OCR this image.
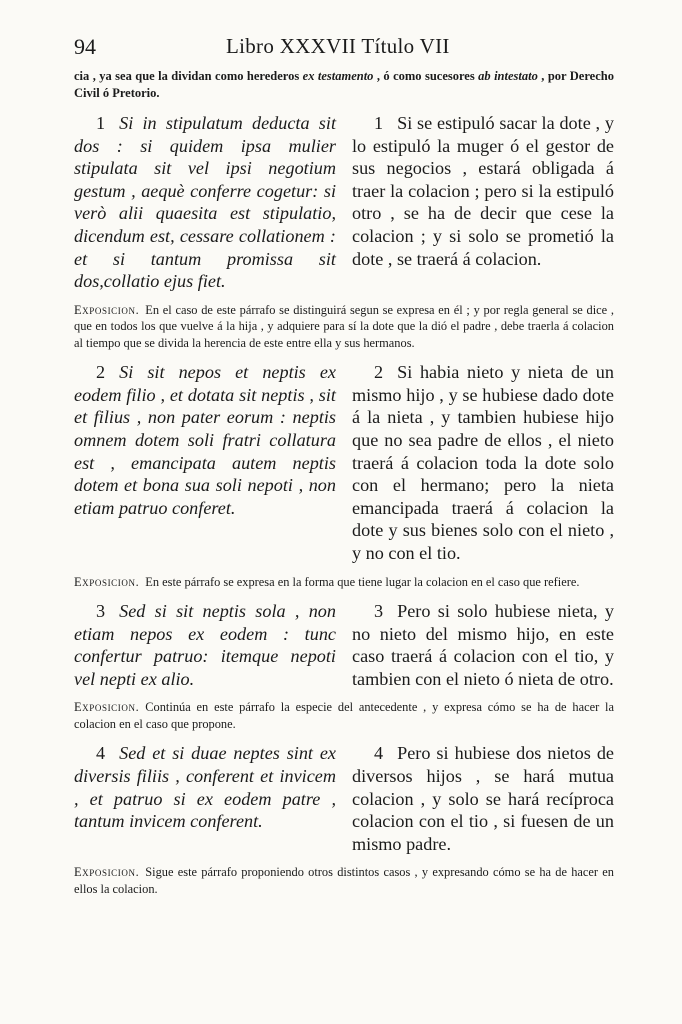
94	Libro XXXVII Título VII
cia , ya sea que la dividan como herederos ex testamento , ó como sucesores ab intestato , por Derecho Civil ó Pretorio.

1 Si in stipulatum deducta sit dos : si quidem ipsa mulier stipulata sit vel ipsi negotium gestum , aequè conferre cogetur: si verò alii quaesita est stipulatio, dicendum est, cessare collationem : et si tantum promissa sit dos,collatio ejus fiet.

1 Si se estipuló sacar la dote , y lo estipuló la muger ó el gestor de sus negocios , estará obligada á traer la colacion ; pero si la estipuló otro , se ha de decir que cese la colacion ; y si solo se prometió la dote , se traerá á colacion.

Exposicion. En el caso de este párrafo se distinguirá segun se expresa en él ; y por regla general se dice , que en todos los que vuelve á la hija , y adquiere para sí la dote que la dió el padre , debe traerla á colacion al tiempo que se divida la herencia de este entre ella y sus hermanos.

2 Si sit nepos et neptis ex eodem filio , et dotata sit neptis , sit et filius , non pater eorum : neptis omnem dotem soli fratri collatura est , emancipata autem neptis dotem et bona sua soli nepoti , non etiam patruo conferet.

2 Si habia nieto y nieta de un mismo hijo , y se hubiese dado dote á la nieta , y tambien hubiese hijo que no sea padre de ellos , el nieto traerá á colacion toda la dote solo con el hermano; pero la nieta emancipada traerá á colacion la dote y sus bienes solo con el nieto , y no con el tio.

Exposicion. En este párrafo se expresa en la forma que tiene lugar la colacion en el caso que refiere.

3 Sed si sit neptis sola , non etiam nepos ex eodem : tunc confertur patruo: itemque nepoti vel nepti ex alio.

3 Pero si solo hubiese nieta, y no nieto del mismo hijo, en este caso traerá á colacion con el tio, y tambien con el nieto ó nieta de otro.

Exposicion. Continúa en este párrafo la especie del antecedente , y expresa cómo se ha de hacer la colacion en el caso que propone.

4 Sed et si duae neptes sint ex diversis filiis , conferent et invicem , et patruo si ex eodem patre , tantum invicem conferent.

4 Pero si hubiese dos nietos de diversos hijos , se hará mutua colacion , y solo se hará recíproca colacion con el tio , si fuesen de un mismo padre.

Exposicion. Sigue este párrafo proponiendo otros distintos casos , y expresando cómo se ha de hacer en ellos la colacion.
